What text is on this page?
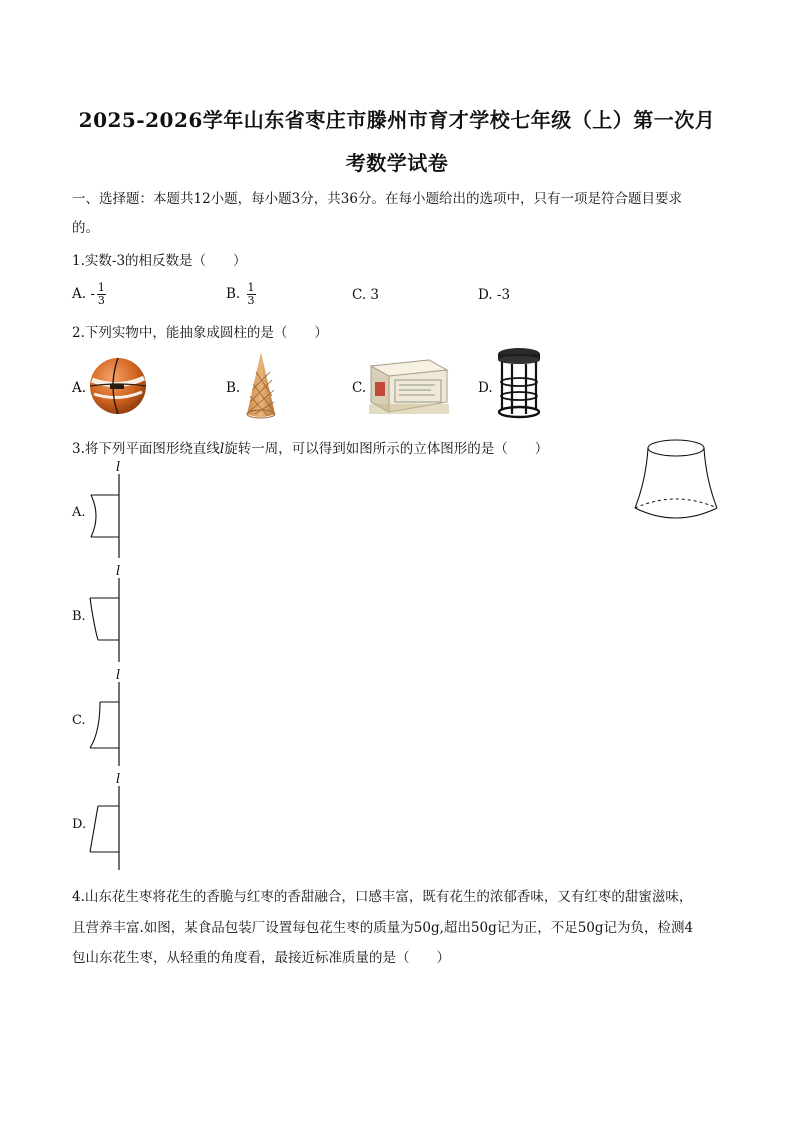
2025-2026学年山东省枣庄市滕州市育才学校七年级（上）第一次月
考数学试卷
一、选择题：本题共12小题，每小题3分，共36分。在每小题给出的选项中，只有一项是符合题目要求
的。
1.实数-3的相反数是（　　）
A. - $\frac{1}{3}$	B. $\frac{1}{3}$	C. 3	D. -3
2.下列实物中，能抽象成圆柱的是（　　）
A.	B.	C.	D.
3.将下列平面图形绕直线l旋转一周，可以得到如图所示的立体图形的是（　　）
A.
l
B.
l
C.
l
D.
l
4.山东花生枣将花生的香脆与红枣的香甜融合，口感丰富，既有花生的浓郁香味，又有红枣的甜蜜滋味，
且营养丰富.如图，某食品包装厂设置每包花生枣的质量为50g,超出50g记为正，不足50g记为负，检测4
包山东花生枣，从轻重的角度看，最接近标准质量的是（　　）
